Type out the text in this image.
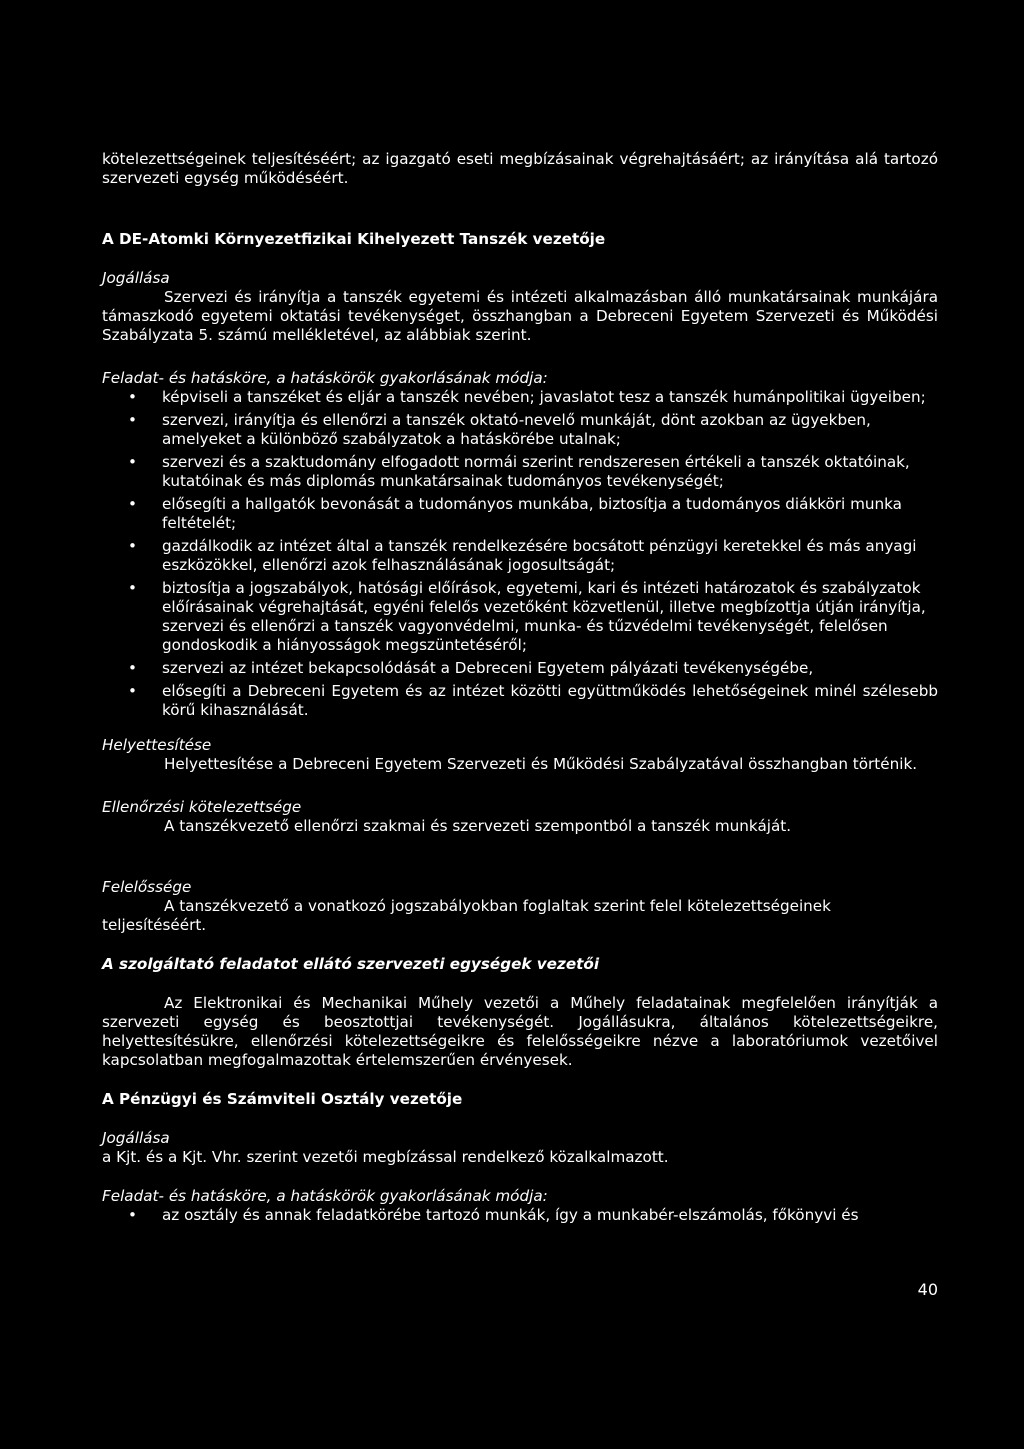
kötelezettségeinek teljesítéséért; az igazgató eseti megbízásainak végrehajtásáért; az irányítása alá tartozó szervezeti egység működéséért.

A DE-Atomki Környezetfizikai Kihelyezett Tanszék vezetője

Jogállása

Szervezi és irányítja a tanszék egyetemi és intézeti alkalmazásban álló munkatársainak munkájára támaszkodó egyetemi oktatási tevékenységet, összhangban a Debreceni Egyetem Szervezeti és Működési Szabályzata 5. számú mellékletével, az alábbiak szerint.

Feladat- és hatásköre, a hatáskörök gyakorlásának módja:

• képviseli a tanszéket és eljár a tanszék nevében; javaslatot tesz a tanszék humánpolitikai ügyeiben;
• szervezi, irányítja és ellenőrzi a tanszék oktató-nevelő munkáját, dönt azokban az ügyekben, amelyeket a különböző szabályzatok a hatáskörébe utalnak;
• szervezi és a szaktudomány elfogadott normái szerint rendszeresen értékeli a tanszék oktatóinak, kutatóinak és más diplomás munkatársainak tudományos tevékenységét;
• elősegíti a hallgatók bevonását a tudományos munkába, biztosítja a tudományos diákköri munka feltételét;
• gazdálkodik az intézet által a tanszék rendelkezésére bocsátott pénzügyi keretekkel és más anyagi eszközökkel, ellenőrzi azok felhasználásának jogosultságát;
• biztosítja a jogszabályok, hatósági előírások, egyetemi, kari és intézeti határozatok és szabályzatok előírásainak végrehajtását, egyéni felelős vezetőként közvetlenül, illetve megbízottja útján irányítja, szervezi és ellenőrzi a tanszék vagyonvédelmi, munka- és tűzvédelmi tevékenységét, felelősen gondoskodik a hiányosságok megszüntetéséről;
• szervezi az intézet bekapcsolódását a Debreceni Egyetem pályázati tevékenységébe,
• elősegíti a Debreceni Egyetem és az intézet közötti együttműködés lehetőségeinek minél szélesebb körű kihasználását.

Helyettesítése

Helyettesítése a Debreceni Egyetem Szervezeti és Működési Szabályzatával összhangban történik.

Ellenőrzési kötelezettsége

A tanszékvezető ellenőrzi szakmai és szervezeti szempontból a tanszék munkáját.

Felelőssége

A tanszékvezető a vonatkozó jogszabályokban foglaltak szerint felel kötelezettségeinek teljesítéséért.

A szolgáltató feladatot ellátó szervezeti egységek vezetői

Az Elektronikai és Mechanikai Műhely vezetői a Műhely feladatainak megfelelően irányítják a szervezeti egység és beosztottjai tevékenységét. Jogállásukra, általános kötelezettségeikre, helyettesítésükre, ellenőrzési kötelezettségeikre és felelősségeikre nézve a laboratóriumok vezetőivel kapcsolatban megfogalmazottak értelemszerűen érvényesek.

A Pénzügyi és Számviteli Osztály vezetője

Jogállása

a Kjt. és a Kjt. Vhr. szerint vezetői megbízással rendelkező közalkalmazott.

Feladat- és hatásköre, a hatáskörök gyakorlásának módja:

• az osztály és annak feladatkörébe tartozó munkák, így a munkabér-elszámolás, főkönyvi és
40
